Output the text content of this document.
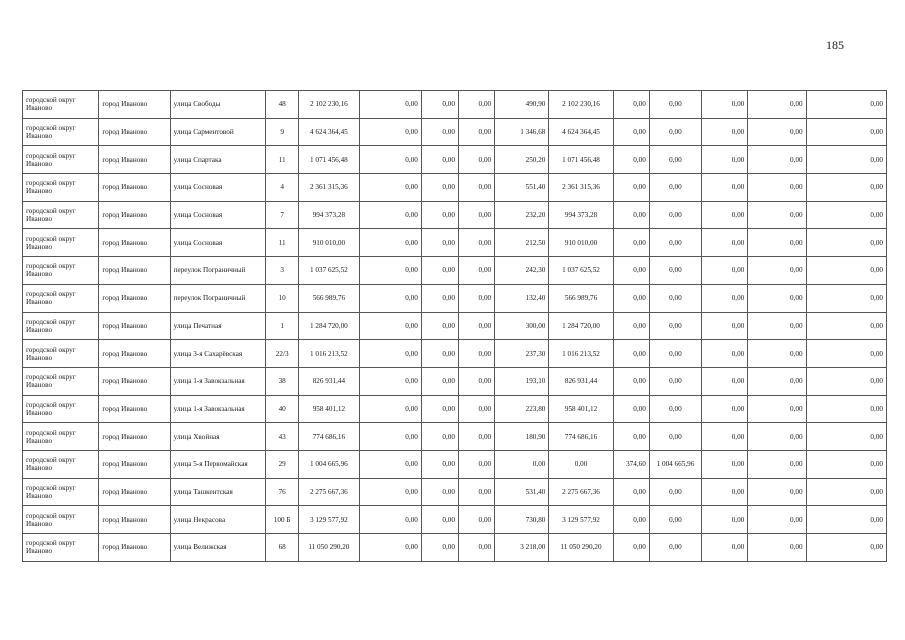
185
городской округ Иваново	город Иваново	улица Свободы	48	2 102 230,16	0,00	0,00	0,00	490,90	2 102 230,16	0,00	0,00	0,00	0,00	0,00
городской округ Иваново	город Иваново	улица Сарментовой	9	4 624 364,45	0,00	0,00	0,00	1 346,68	4 624 364,45	0,00	0,00	0,00	0,00	0,00
городской округ Иваново	город Иваново	улица Спартака	11	1 071 456,48	0,00	0,00	0,00	250,20	1 071 456,48	0,00	0,00	0,00	0,00	0,00
городской округ Иваново	город Иваново	улица Сосновая	4	2 361 315,36	0,00	0,00	0,00	551,40	2 361 315,36	0,00	0,00	0,00	0,00	0,00
городской округ Иваново	город Иваново	улица Сосновая	7	994 373,28	0,00	0,00	0,00	232,20	994 373,28	0,00	0,00	0,00	0,00	0,00
городской округ Иваново	город Иваново	улица Сосновая	11	910 010,00	0,00	0,00	0,00	212,50	910 010,00	0,00	0,00	0,00	0,00	0,00
городской округ Иваново	город Иваново	переулок Пограничный	3	1 037 625,52	0,00	0,00	0,00	242,30	1 037 625,52	0,00	0,00	0,00	0,00	0,00
городской округ Иваново	город Иваново	переулок Пограничный	10	566 989,76	0,00	0,00	0,00	132,40	566 989,76	0,00	0,00	0,00	0,00	0,00
городской округ Иваново	город Иваново	улица Печатная	1	1 284 720,00	0,00	0,00	0,00	300,00	1 284 720,00	0,00	0,00	0,00	0,00	0,00
городской округ Иваново	город Иваново	улица 3-я Сахарёвская	22/3	1 016 213,52	0,00	0,00	0,00	237,30	1 016 213,52	0,00	0,00	0,00	0,00	0,00
городской округ Иваново	город Иваново	улица 1-я Завокзальная	38	826 931,44	0,00	0,00	0,00	193,10	826 931,44	0,00	0,00	0,00	0,00	0,00
городской округ Иваново	город Иваново	улица 1-я Завокзальная	40	958 401,12	0,00	0,00	0,00	223,80	958 401,12	0,00	0,00	0,00	0,00	0,00
городской округ Иваново	город Иваново	улица Хвойная	43	774 686,16	0,00	0,00	0,00	180,90	774 686,16	0,00	0,00	0,00	0,00	0,00
городской округ Иваново	город Иваново	улица 5-я Первомайская	29	1 004 665,96	0,00	0,00	0,00	0,00	0,00	374,60	1 004 665,96	0,00	0,00	0,00
городской округ Иваново	город Иваново	улица Ташкентская	76	2 275 667,36	0,00	0,00	0,00	531,40	2 275 667,36	0,00	0,00	0,00	0,00	0,00
городской округ Иваново	город Иваново	улица Некрасова	100 Б	3 129 577,92	0,00	0,00	0,00	730,80	3 129 577,92	0,00	0,00	0,00	0,00	0,00
городской округ Иваново	город Иваново	улица Велижская	68	11 050 290,20	0,00	0,00	0,00	3 218,00	11 050 290,20	0,00	0,00	0,00	0,00	0,00
